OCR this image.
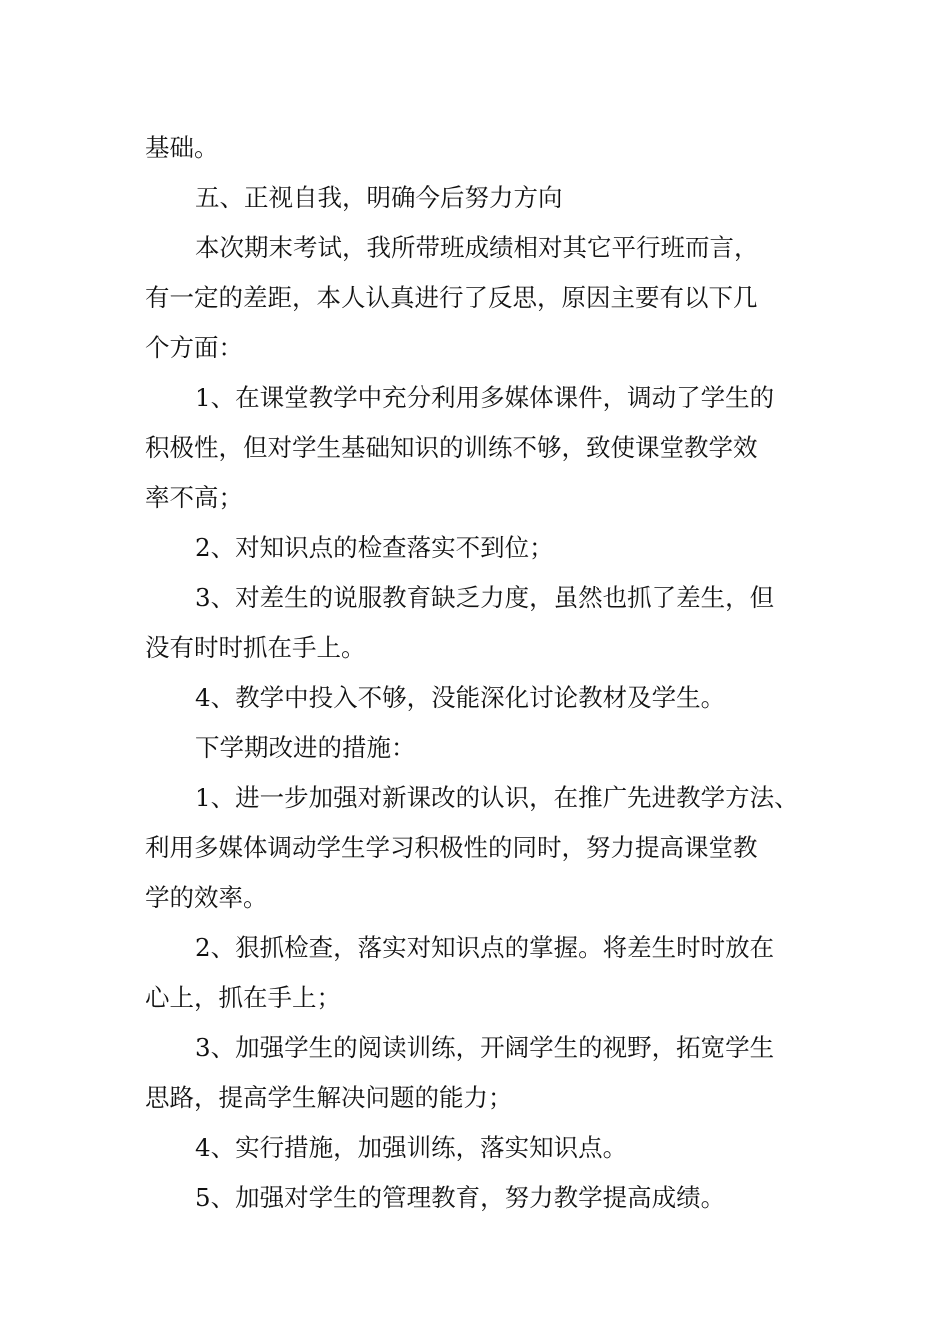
基础。
五、正视自我，明确今后努力方向
本次期末考试，我所带班成绩相对其它平行班而言，
有一定的差距，本人认真进行了反思，原因主要有以下几
个方面：
1、在课堂教学中充分利用多媒体课件，调动了学生的
积极性，但对学生基础知识的训练不够，致使课堂教学效
率不高；
2、对知识点的检查落实不到位；
3、对差生的说服教育缺乏力度，虽然也抓了差生，但
没有时时抓在手上。
4、教学中投入不够，没能深化讨论教材及学生。
下学期改进的措施：
1、进一步加强对新课改的认识，在推广先进教学方法、
利用多媒体调动学生学习积极性的同时，努力提高课堂教
学的效率。
2、狠抓检查，落实对知识点的掌握。将差生时时放在
心上，抓在手上；
3、加强学生的阅读训练，开阔学生的视野，拓宽学生
思路，提高学生解决问题的能力；
4、实行措施，加强训练，落实知识点。
5、加强对学生的管理教育，努力教学提高成绩。
